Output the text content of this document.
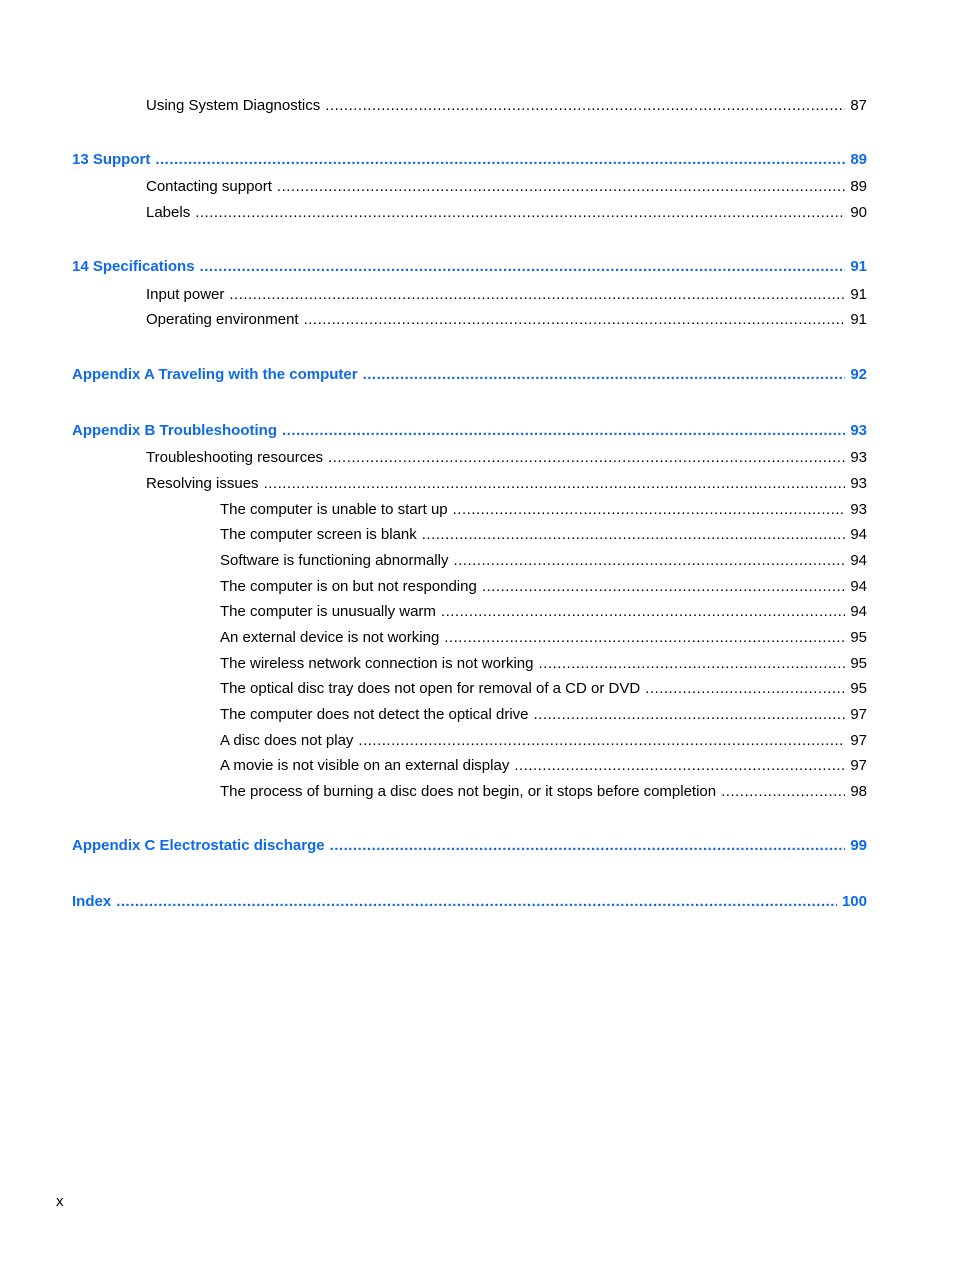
Using System Diagnostics .....	87
13 Support .....	89
Contacting support .....	89
Labels .....	90
14 Specifications .....	91
Input power .....	91
Operating environment .....	91
Appendix A Traveling with the computer .....	92
Appendix B Troubleshooting .....	93
Troubleshooting resources .....	93
Resolving issues .....	93
The computer is unable to start up .....	93
The computer screen is blank .....	94
Software is functioning abnormally .....	94
The computer is on but not responding .....	94
The computer is unusually warm .....	94
An external device is not working .....	95
The wireless network connection is not working .....	95
The optical disc tray does not open for removal of a CD or DVD .....	95
The computer does not detect the optical drive .....	97
A disc does not play .....	97
A movie is not visible on an external display .....	97
The process of burning a disc does not begin, or it stops before completion .....	98
Appendix C Electrostatic discharge .....	99
Index .....	100
x
